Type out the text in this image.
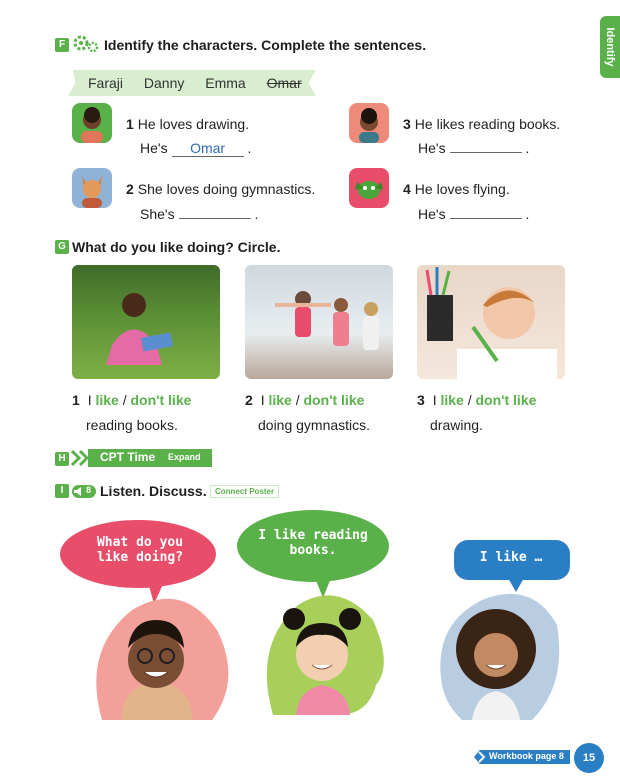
Identify
F	Identify the characters. Complete the sentences.
Faraji Danny Emma Omar
1 He loves drawing.
He's Omar .
2 She loves doing gymnastics.
She's	.
3 He likes reading books.
He's	.
4 He loves flying.
He's	.
G What do you like doing? Circle.
1 I like / don't like
reading books.
2 I like / don't like
doing gymnastics.
3 I like / don't like
drawing.
H	CPT Time Expand
I	8 Listen. Discuss.	Connect Poster
What do you
like doing?
I like reading
books.	I like …
Workbook page 8	15
